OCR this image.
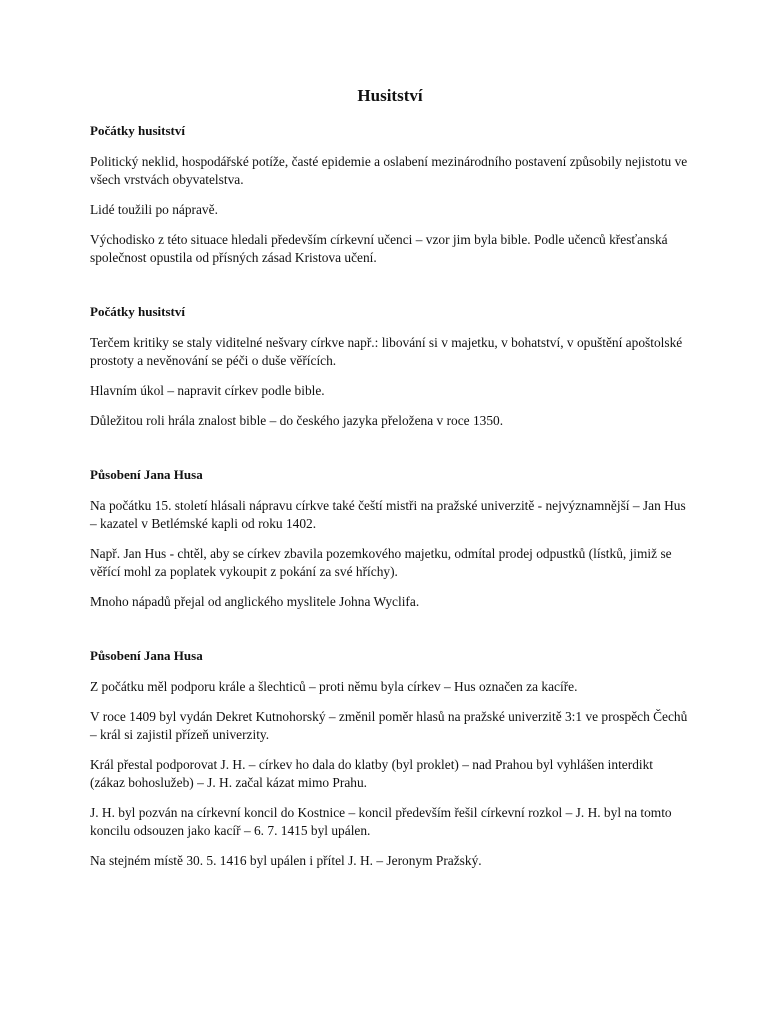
Husitství
Počátky husitství

Politický neklid, hospodářské potíže, časté epidemie a oslabení mezinárodního postavení způsobily nejistotu ve všech vrstvách obyvatelstva.

Lidé toužili po nápravě.

Východisko z této situace hledali především církevní učenci – vzor jim byla bible. Podle učenců křesťanská společnost opustila od přísných zásad Kristova učení.

Počátky husitství

Terčem kritiky se staly viditelné nešvary církve např.: libování si v majetku, v bohatství, v opuštění apoštolské prostoty a nevěnování se péči o duše věřících.

Hlavním úkol – napravit církev podle bible.

Důležitou roli hrála znalost bible – do českého jazyka přeložena v roce 1350.

Působení Jana Husa

Na počátku 15. století hlásali nápravu církve také čeští mistři na pražské univerzitě - nejvýznamnější – Jan Hus – kazatel v Betlémské kapli od roku 1402.

Např. Jan Hus - chtěl, aby se církev zbavila pozemkového majetku, odmítal prodej odpustků (lístků, jimiž se věřící mohl za poplatek vykoupit z pokání za své hříchy).

Mnoho nápadů přejal od anglického myslitele Johna Wyclifa.

Působení Jana Husa

Z počátku měl podporu krále a šlechticů – proti němu byla církev – Hus označen za kacíře.

V roce 1409 byl vydán Dekret Kutnohorský – změnil poměr hlasů na pražské univerzitě 3:1 ve prospěch Čechů – král si zajistil přízeň univerzity.

Král přestal podporovat J. H. – církev ho dala do klatby (byl proklet) – nad Prahou byl vyhlášen interdikt (zákaz bohoslužeb) – J. H. začal kázat mimo Prahu.

J. H. byl pozván na církevní koncil do Kostnice – koncil především řešil církevní rozkol – J. H. byl na tomto koncilu odsouzen jako kacíř – 6. 7. 1415 byl upálen.

Na stejném místě 30. 5. 1416 byl upálen i přítel J. H. – Jeronym Pražský.
